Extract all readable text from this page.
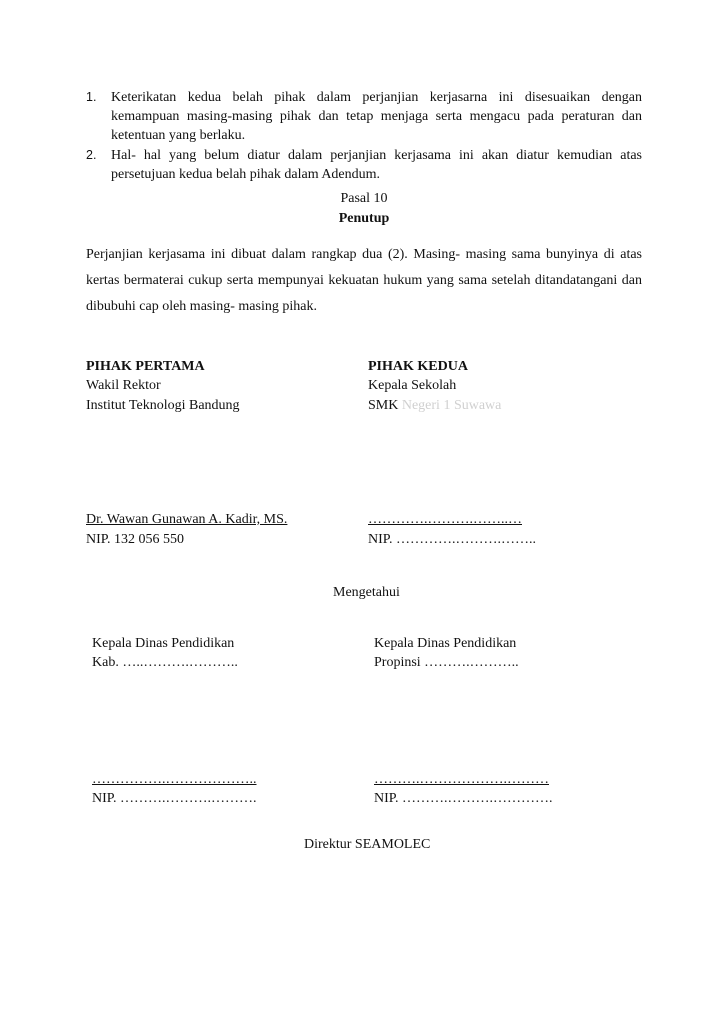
1. Keterikatan kedua belah pihak dalam perjanjian kerjasarna ini disesuaikan dengan kemampuan masing-masing pihak dan tetap menjaga serta mengacu pada peraturan dan ketentuan yang berlaku.
2. Hal- hal yang belum diatur dalam perjanjian kerjasama ini akan diatur kemudian atas persetujuan kedua belah pihak dalam Adendum.
Pasal 10
Penutup
Perjanjian kerjasama ini dibuat dalam rangkap dua (2). Masing- masing sama bunyinya di atas kertas bermaterai cukup serta mempunyai kekuatan hukum yang sama setelah ditandatangani dan dibubuhi cap oleh masing- masing pihak.
PIHAK PERTAMA
Wakil Rektor
Institut Teknologi Bandung
Dr. Wawan Gunawan A. Kadir, MS.
NIP. 132 056 550
PIHAK KEDUA
Kepala Sekolah
SMK Negeri 1 Suwawa
………….……….……..…
NIP. ………….……….……..
Mengetahui
Kepala Dinas Pendidikan
Kab. …..……….………..
…………….………………..
NIP. ……….……….……….
Kepala Dinas Pendidikan
Propinsi ……….………..
……….……………….………
NIP. ……….……….………….
Direktur SEAMOLEC
